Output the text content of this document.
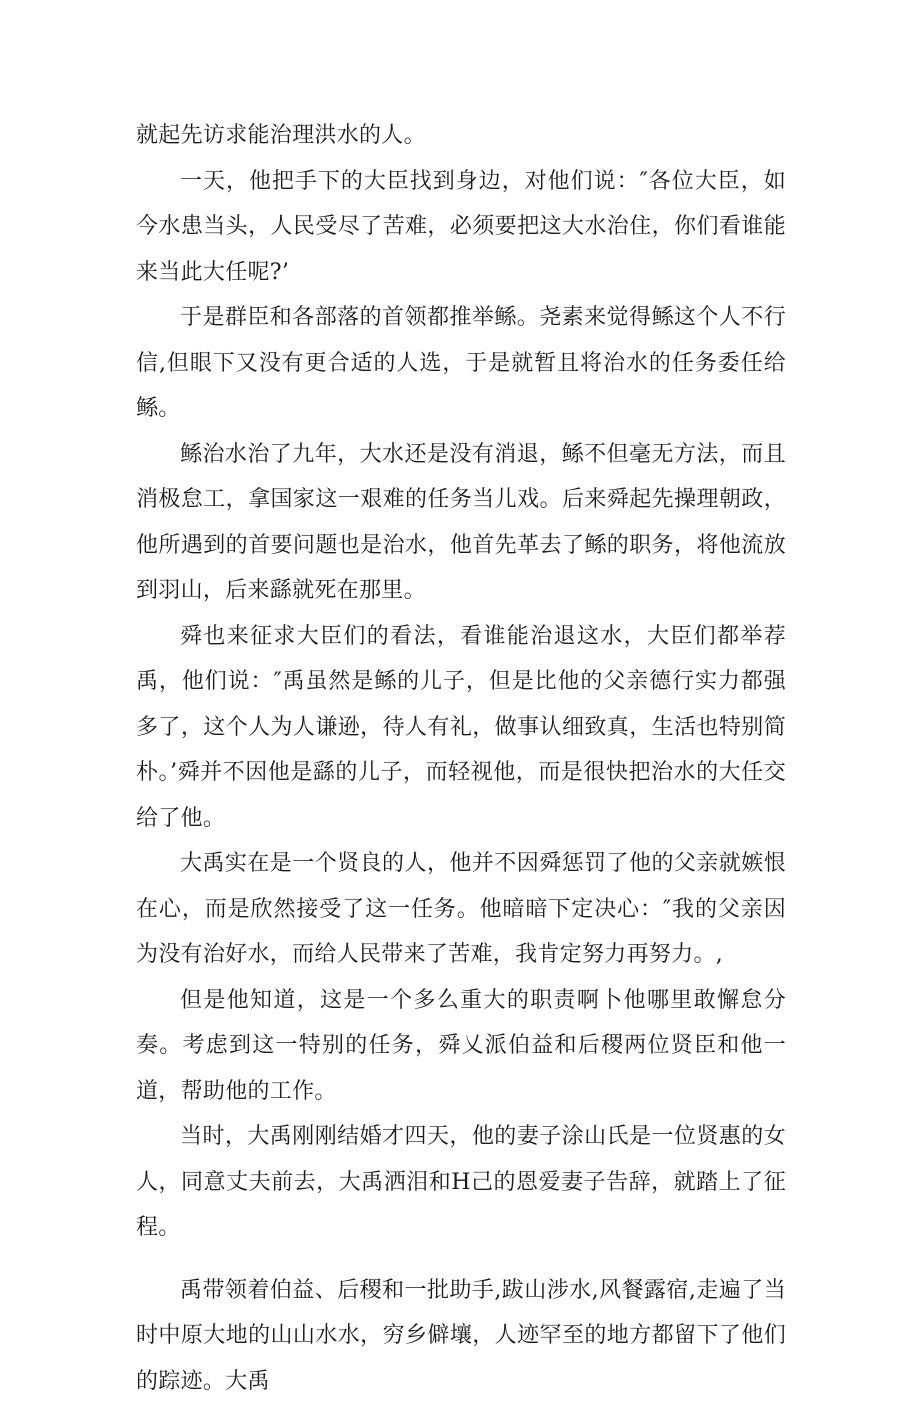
就起先访求能治理洪水的人。

一天，他把手下的大臣找到身边，对他们说：″各位大臣，如今水患当头，人民受尽了苦难，必须要把这大水治住，你们看谁能来当此大任呢?’

于是群臣和各部落的首领都推举鲧。尧素来觉得鲧这个人不行信,但眼下又没有更合适的人选，于是就暂且将治水的任务委任给鲧。

鲧治水治了九年，大水还是没有消退，鲧不但毫无方法，而且消极怠工，拿国家这一艰难的任务当儿戏。后来舜起先操理朝政，他所遇到的首要问题也是治水，他首先革去了鲧的职务，将他流放到羽山，后来繇就死在那里。

舜也来征求大臣们的看法，看谁能治退这水，大臣们都举荐禹，他们说：″禹虽然是鲧的儿子，但是比他的父亲德行实力都强多了，这个人为人谦逊，待人有礼，做事认细致真，生活也特别简朴。’舜并不因他是繇的儿子，而轻视他，而是很快把治水的大任交给了他。

大禹实在是一个贤良的人，他并不因舜惩罚了他的父亲就嫉恨在心，而是欣然接受了这一任务。他暗暗下定决心：″我的父亲因为没有治好水，而给人民带来了苦难，我肯定努力再努力。,

但是他知道，这是一个多么重大的职责啊卜他哪里敢懈怠分奏。考虑到这一特别的任务，舜乂派伯益和后稷两位贤臣和他一道，帮助他的工作。

当时，大禹刚刚结婚才四天，他的妻子涂山氏是一位贤惠的女人，同意丈夫前去，大禹洒泪和H己的恩爱妻子告辞，就踏上了征程。

禹带领着伯益、后稷和一批助手,跋山涉水,风餐露宿,走遍了当时中原大地的山山水水，穷乡僻壤，人迹罕至的地方都留下了他们的踪迹。大禹
